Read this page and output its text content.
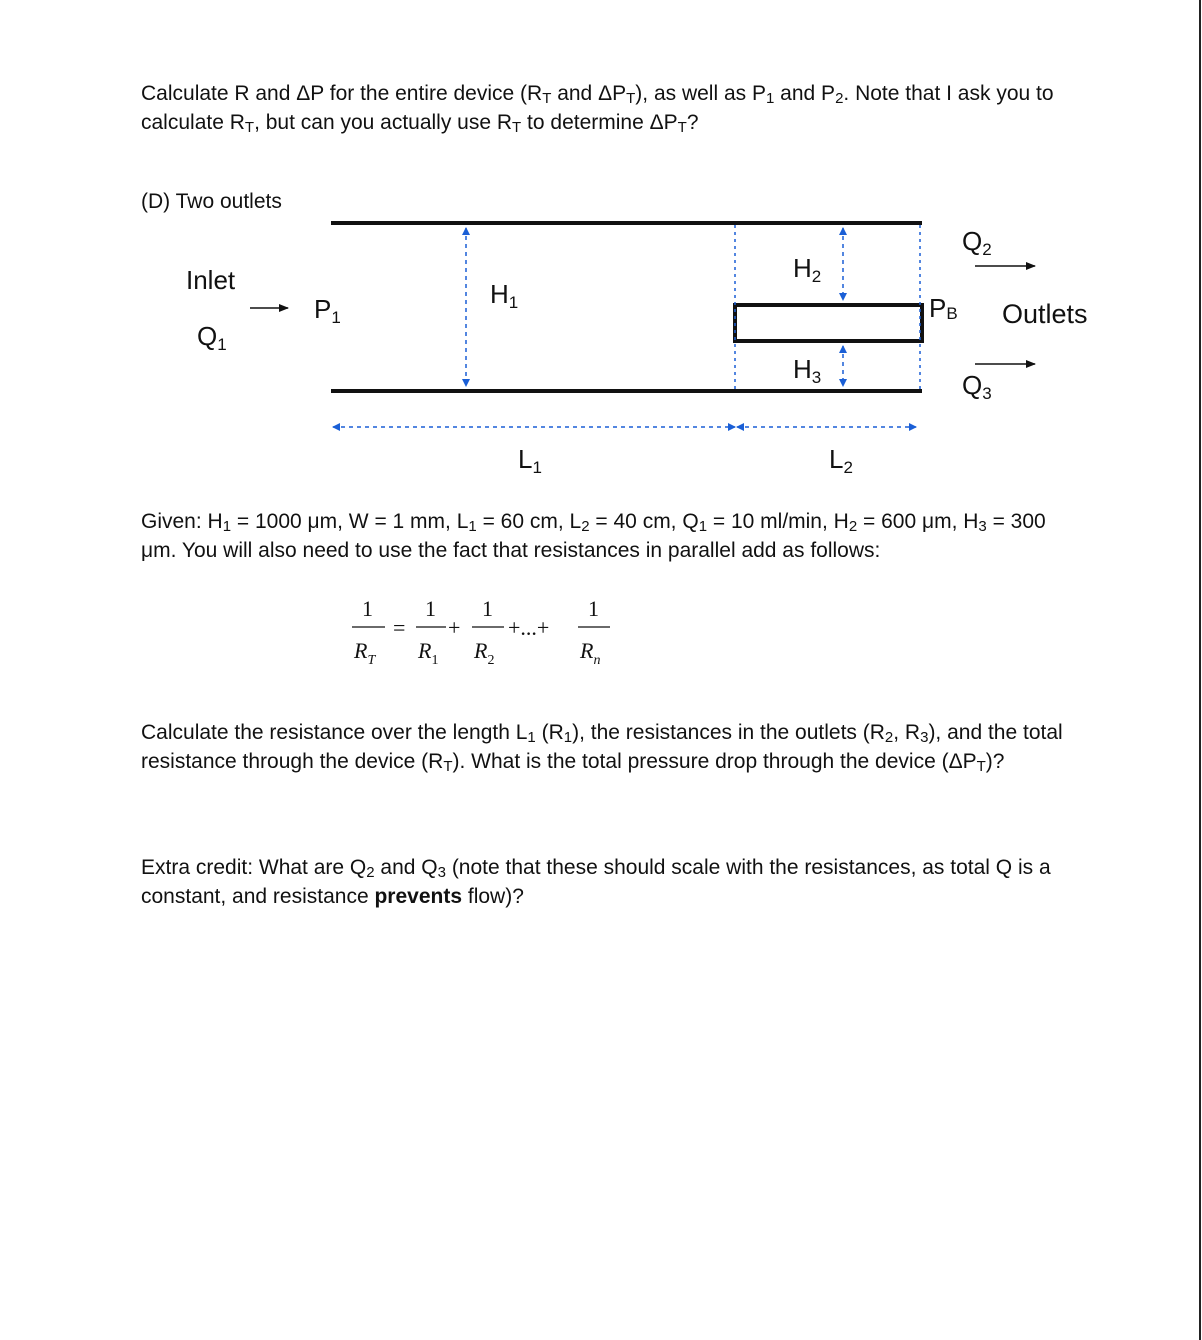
Calculate R and ΔP for the entire device ($R_T$ and $\Delta P_T$), as well as $P_1$ and $P_2$. Note that I ask you to calculate $R_T$, but can you actually use $R_T$ to determine $\Delta P_T$?

(D) Two outlets
Inlet
Q1
P1
H1
H2
H3
Q2
PB Outlets
Q3
L1	L2

Given: $H_1 = 1000$ μm, W = 1 mm, $L_1 = 60$ cm, $L_2 = 40$ cm, $Q_1 = 10$ ml/min, $H_2 = 600$ μm, $H_3 = 300$ μm. You will also need to use the fact that resistances in parallel add as follows:

1
$R_T$
=
1
$R_1$
+
1
$R_2$
+...+
1
$R_n$

Calculate the resistance over the length $L_1$ $(R_1)$, the resistances in the outlets ($R_2$, $R_3$), and the total resistance through the device $(R_T)$. What is the total pressure drop through the device $(\Delta P_T)$?

Extra credit: What are $Q_2$ and $Q_3$ (note that these should scale with the resistances, as total Q is a constant, and resistance prevents flow)?
